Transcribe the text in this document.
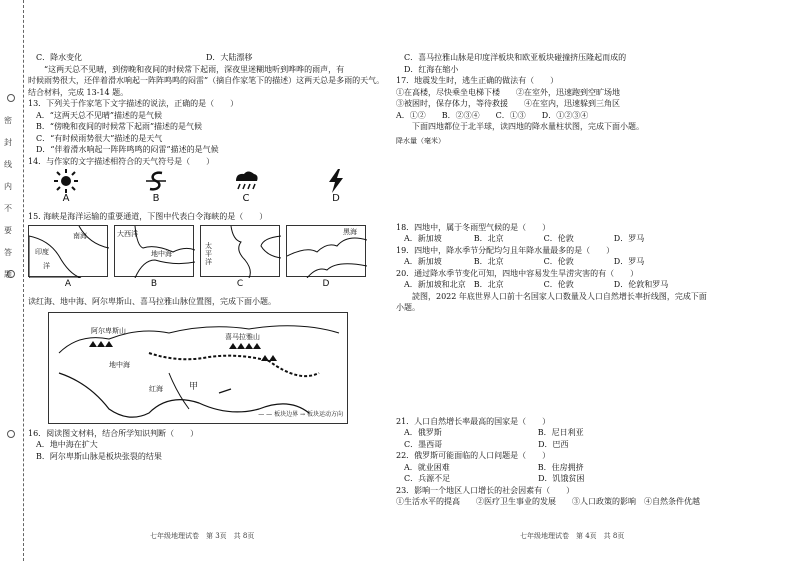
密 封 线 内 不 要 答 题
C．降水变化	D．大陆漂移
“这两天总不见晴，到傍晚和夜间的时候常下起雨，深夜里迷糊地听到哗哗的雨声，有
时候雨势很大，还伴着滑水响起一阵阵鸣鸣的闷雷”（摘自作家笔下的描述）这两天总是多雨的天气。
结合材料，完成 13-14 题。
13．下列关于作家笔下文字描述的说法，正确的是（　　）
A．“这两天总不见晴”描述的是气候
B．“傍晚和夜间的时候常下起雨”描述的是气候
C．“有时候雨势很大”描述的是天气
D．“伴着滑水响起一阵阵鸣鸣的闷雷”描述的是气候
14．与作家的文字描述相符合的天气符号是（　　）
A	B	C	D
15. 海峡是海洋运输的重要通道，下图中代表白令海峡的是（　　）
南海
印度
洋
大西洋
地中海
太平洋
黑海
A	B	C	D
读红海、地中海、阿尔卑斯山、喜马拉雅山脉位置图，完成下面小题。
阿尔卑斯山
喜马拉雅山
地中海
红海	甲
— — 板块边界 → 板块运动方向
16．阅读图文材料，结合所学知识判断（　　）
A．地中海在扩大
B．阿尔卑斯山脉是板块张裂的结果
七年级地理试卷　第 3页　共 8页
C．喜马拉雅山脉是印度洋板块和欧亚板块碰撞挤压隆起而成的
D．红海在缩小
17．地震发生时，逃生正确的做法有（　　）
①在高楼，尽快乘坐电梯下楼　　②在室外，迅速跑到空旷场地
③被困时，保存体力，等待救援　　④在室内，迅速躲到三角区
A．①②　　B．②③④　　C．①③　　D．①②③④
下面四地都位于北半球，读四地的降水量柱状图，完成下面小题。
降水量（毫米）
18．四地中，属于冬雨型气候的是（　　）
A．新加坡　　　　B．北京　　　　　C．伦敦　　　　　D．罗马
19．四地中，降水季节分配均匀且年降水量最多的是（　　）
A．新加坡　　　　B．北京　　　　　C．伦敦　　　　　D．罗马
20．通过降水季节变化可知，四地中容易发生旱涝灾害的有（　　）
A．新加坡和北京　B．北京　　　　　C．伦敦　　　　　D．伦敦和罗马
読图，2022 年底世界人口前十名国家人口数量及人口自然增长率折线图，完成下面
小题。
21．人口自然增长率最高的国家是（　　）
A．俄罗斯　　　　　　　　　　　　B．尼日利亚
C．墨西哥　　　　　　　　　　　　D．巴西
22．俄罗斯可能面临的人口问题是（　　）
A．就业困难　　　　　　　　　　　B．住房拥挤
C．兵源不足　　　　　　　　　　　D．饥饿贫困
23．影响一个地区人口增长的社会因素有（　　）
①生活水平的提高　　②医疗卫生事业的发展　　③人口政策的影响　④自然条件优越
七年级地理试卷　第 4页　共 8页
